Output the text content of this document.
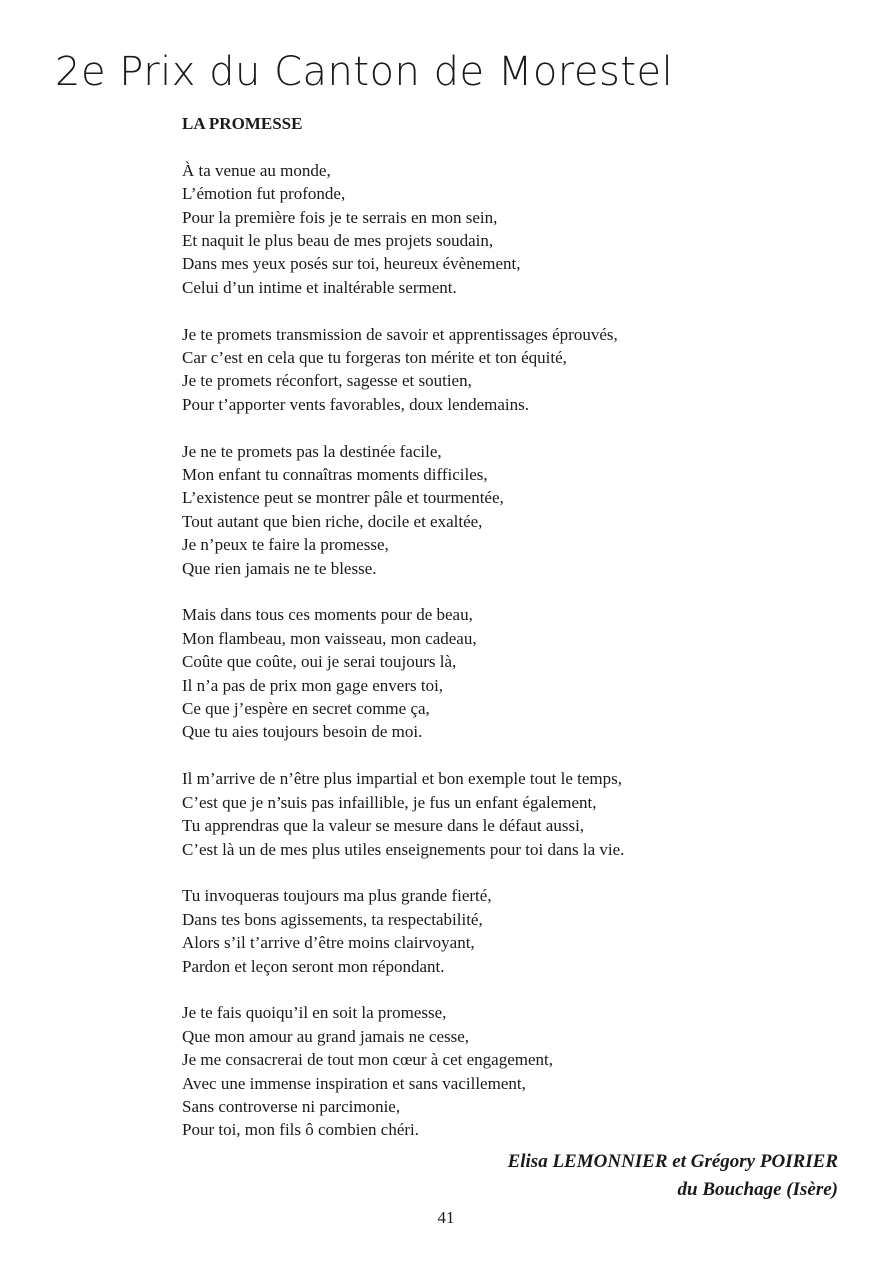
2e Prix du Canton de Morestel
LA PROMESSE
À ta venue au monde,
L’émotion fut profonde,
Pour la première fois je te serrais en mon sein,
Et naquit le plus beau de mes projets soudain,
Dans mes yeux posés sur toi, heureux évènement,
Celui d’un intime et inaltérable serment.
Je te promets transmission de savoir et apprentissages éprouvés,
Car c’est en cela que tu forgeras ton mérite et ton équité,
Je te promets réconfort, sagesse et soutien,
Pour t’apporter vents favorables, doux lendemains.
Je ne te promets pas la destinée facile,
Mon enfant tu connaîtras moments difficiles,
L’existence peut se montrer pâle et tourmentée,
Tout autant que bien riche, docile et exaltée,
Je n’peux te faire la promesse,
Que rien jamais ne te blesse.
Mais dans tous ces moments pour de beau,
Mon flambeau, mon vaisseau, mon cadeau,
Coûte que coûte, oui je serai toujours là,
Il n’a pas de prix mon gage envers toi,
Ce que j’espère en secret comme ça,
Que tu aies toujours besoin de moi.
Il m’arrive de n’être plus impartial et bon exemple tout le temps,
C’est que je n’suis pas infaillible, je fus un enfant également,
Tu apprendras que la valeur se mesure dans le défaut aussi,
C’est là un de mes plus utiles enseignements pour toi dans la vie.
Tu invoqueras toujours ma plus grande fierté,
Dans tes bons agissements, ta respectabilité,
Alors s’il t’arrive d’être moins clairvoyant,
Pardon et leçon seront mon répondant.
Je te fais quoiqu’il en soit la promesse,
Que mon amour au grand jamais ne cesse,
Je me consacrerai de tout mon cœur à cet engagement,
Avec une immense inspiration et sans vacillement,
Sans controverse ni parcimonie,
Pour toi, mon fils ô combien chéri.
Elisa LEMONNIER et Grégory POIRIER
du Bouchage (Isère)
41
